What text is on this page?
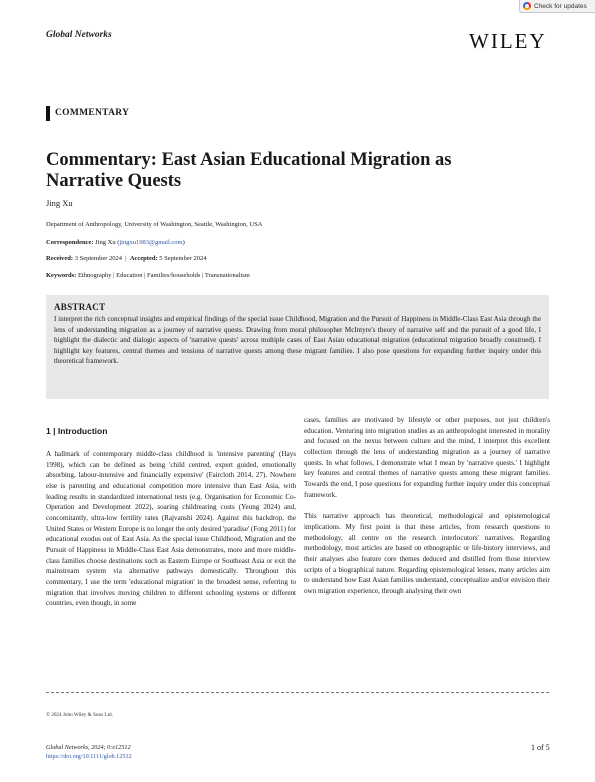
Global Networks	WILEY
Check for updates
COMMENTARY
Commentary: East Asian Educational Migration as Narrative Quests
Jing Xu
Department of Anthropology, University of Washington, Seattle, Washington, USA
Correspondence: Jing Xu (jingxu1983@gmail.com)
Received: 3 September 2024  |  Accepted: 5 September 2024
Keywords: Ethnography | Education | Families/households | Transnationalism

ABSTRACT

I interpret the rich conceptual insights and empirical findings of the special issue Childhood, Migration and the Pursuit of Happiness in Middle-Class East Asia through the lens of understanding migration as a journey of narrative quests. Drawing from moral philosopher McIntyre's theory of narrative self and the pursuit of a good life, I highlight the dialectic and dialogic aspects of 'narrative quests' across multiple cases of East Asian educational migration (educational migration broadly construed). I highlight key features, central themes and tensions of narrative quests among these migrant families. I also pose questions for expanding further inquiry under this theoretical framework.

1 | Introduction

A hallmark of contemporary middle-class childhood is 'intensive parenting' (Hays 1998), which can be defined as being 'child centred, expert guided, emotionally absorbing, labour-intensive and financially expensive' (Faircloth 2014, 27). Nowhere else is parenting and educational competition more intensive than East Asia, with leading results in standardized international tests (e.g. Organisation for Economic Co-Operation and Development 2022), soaring childrearing costs (Yeung 2024) and, concomitantly, ultra-low fertility rates (Rajvanshi 2024). Against this backdrop, the United States or Western Europe is no longer the only desired 'paradise' (Fong 2011) for educational exodus out of East Asia. As the special issue Childhood, Migration and the Pursuit of Happiness in Middle-Class East Asia demonstrates, more and more middle-class families choose destinations such as Eastern Europe or Southeast Asia or exit the mainstream system via alternative pathways domestically. Throughout this commentary, I use the term 'educational migration' in the broadest sense, referring to migration that involves moving children to different schooling systems or different countries, even though, in some

cases, families are motivated by lifestyle or other purposes, not just children's education. Venturing into migration studies as an anthropologist interested in morality and focused on the nexus between culture and the mind, I interpret this excellent collection through the lens of understanding migration as a journey of narrative quests. In what follows, I demonstrate what I mean by 'narrative quests.' I highlight key features and central themes of narrative quests among these migrant families. Towards the end, I pose questions for expanding further inquiry under this conceptual framework.

This narrative approach has theoretical, methodological and epistemological implications. My first point is that these articles, from research questions to methodology, all centre on the research interlocutors' narratives. Regarding methodology, most articles are based on ethnographic or life-history interviews, and their analyses also feature core themes deduced and distilled from those interview scripts of a biographical nature. Regarding epistemological lenses, many articles aim to understand how East Asian families understand, conceptualize and/or envision their own migration experience, through analysing their own

© 2024 John Wiley & Sons Ltd.
Global Networks, 2024; 0:e12512
https://doi.org/10.1111/glob.12512
1 of 5
